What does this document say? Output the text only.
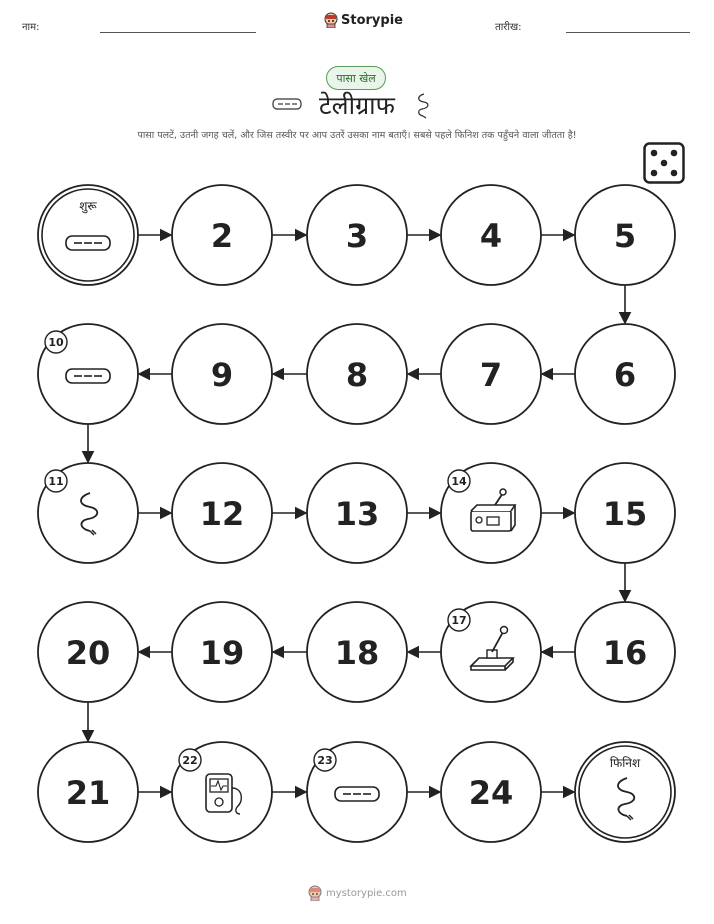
नाम:	Storypie	तारीख:
पासा खेल
टेलीग्राफ
पासा पलटें, उतनी जगह चलें, और जिस तस्वीर पर आप उतरें उसका नाम बताएँ। सबसे पहले फिनिश तक पहुँचने वाला जीतता है!
शुरू
2	3	4	5
6
7
8
9
10
11
12	13
14
15
16
17
18
19
20
21
22	23
24
फिनिश
mystorypie.com
